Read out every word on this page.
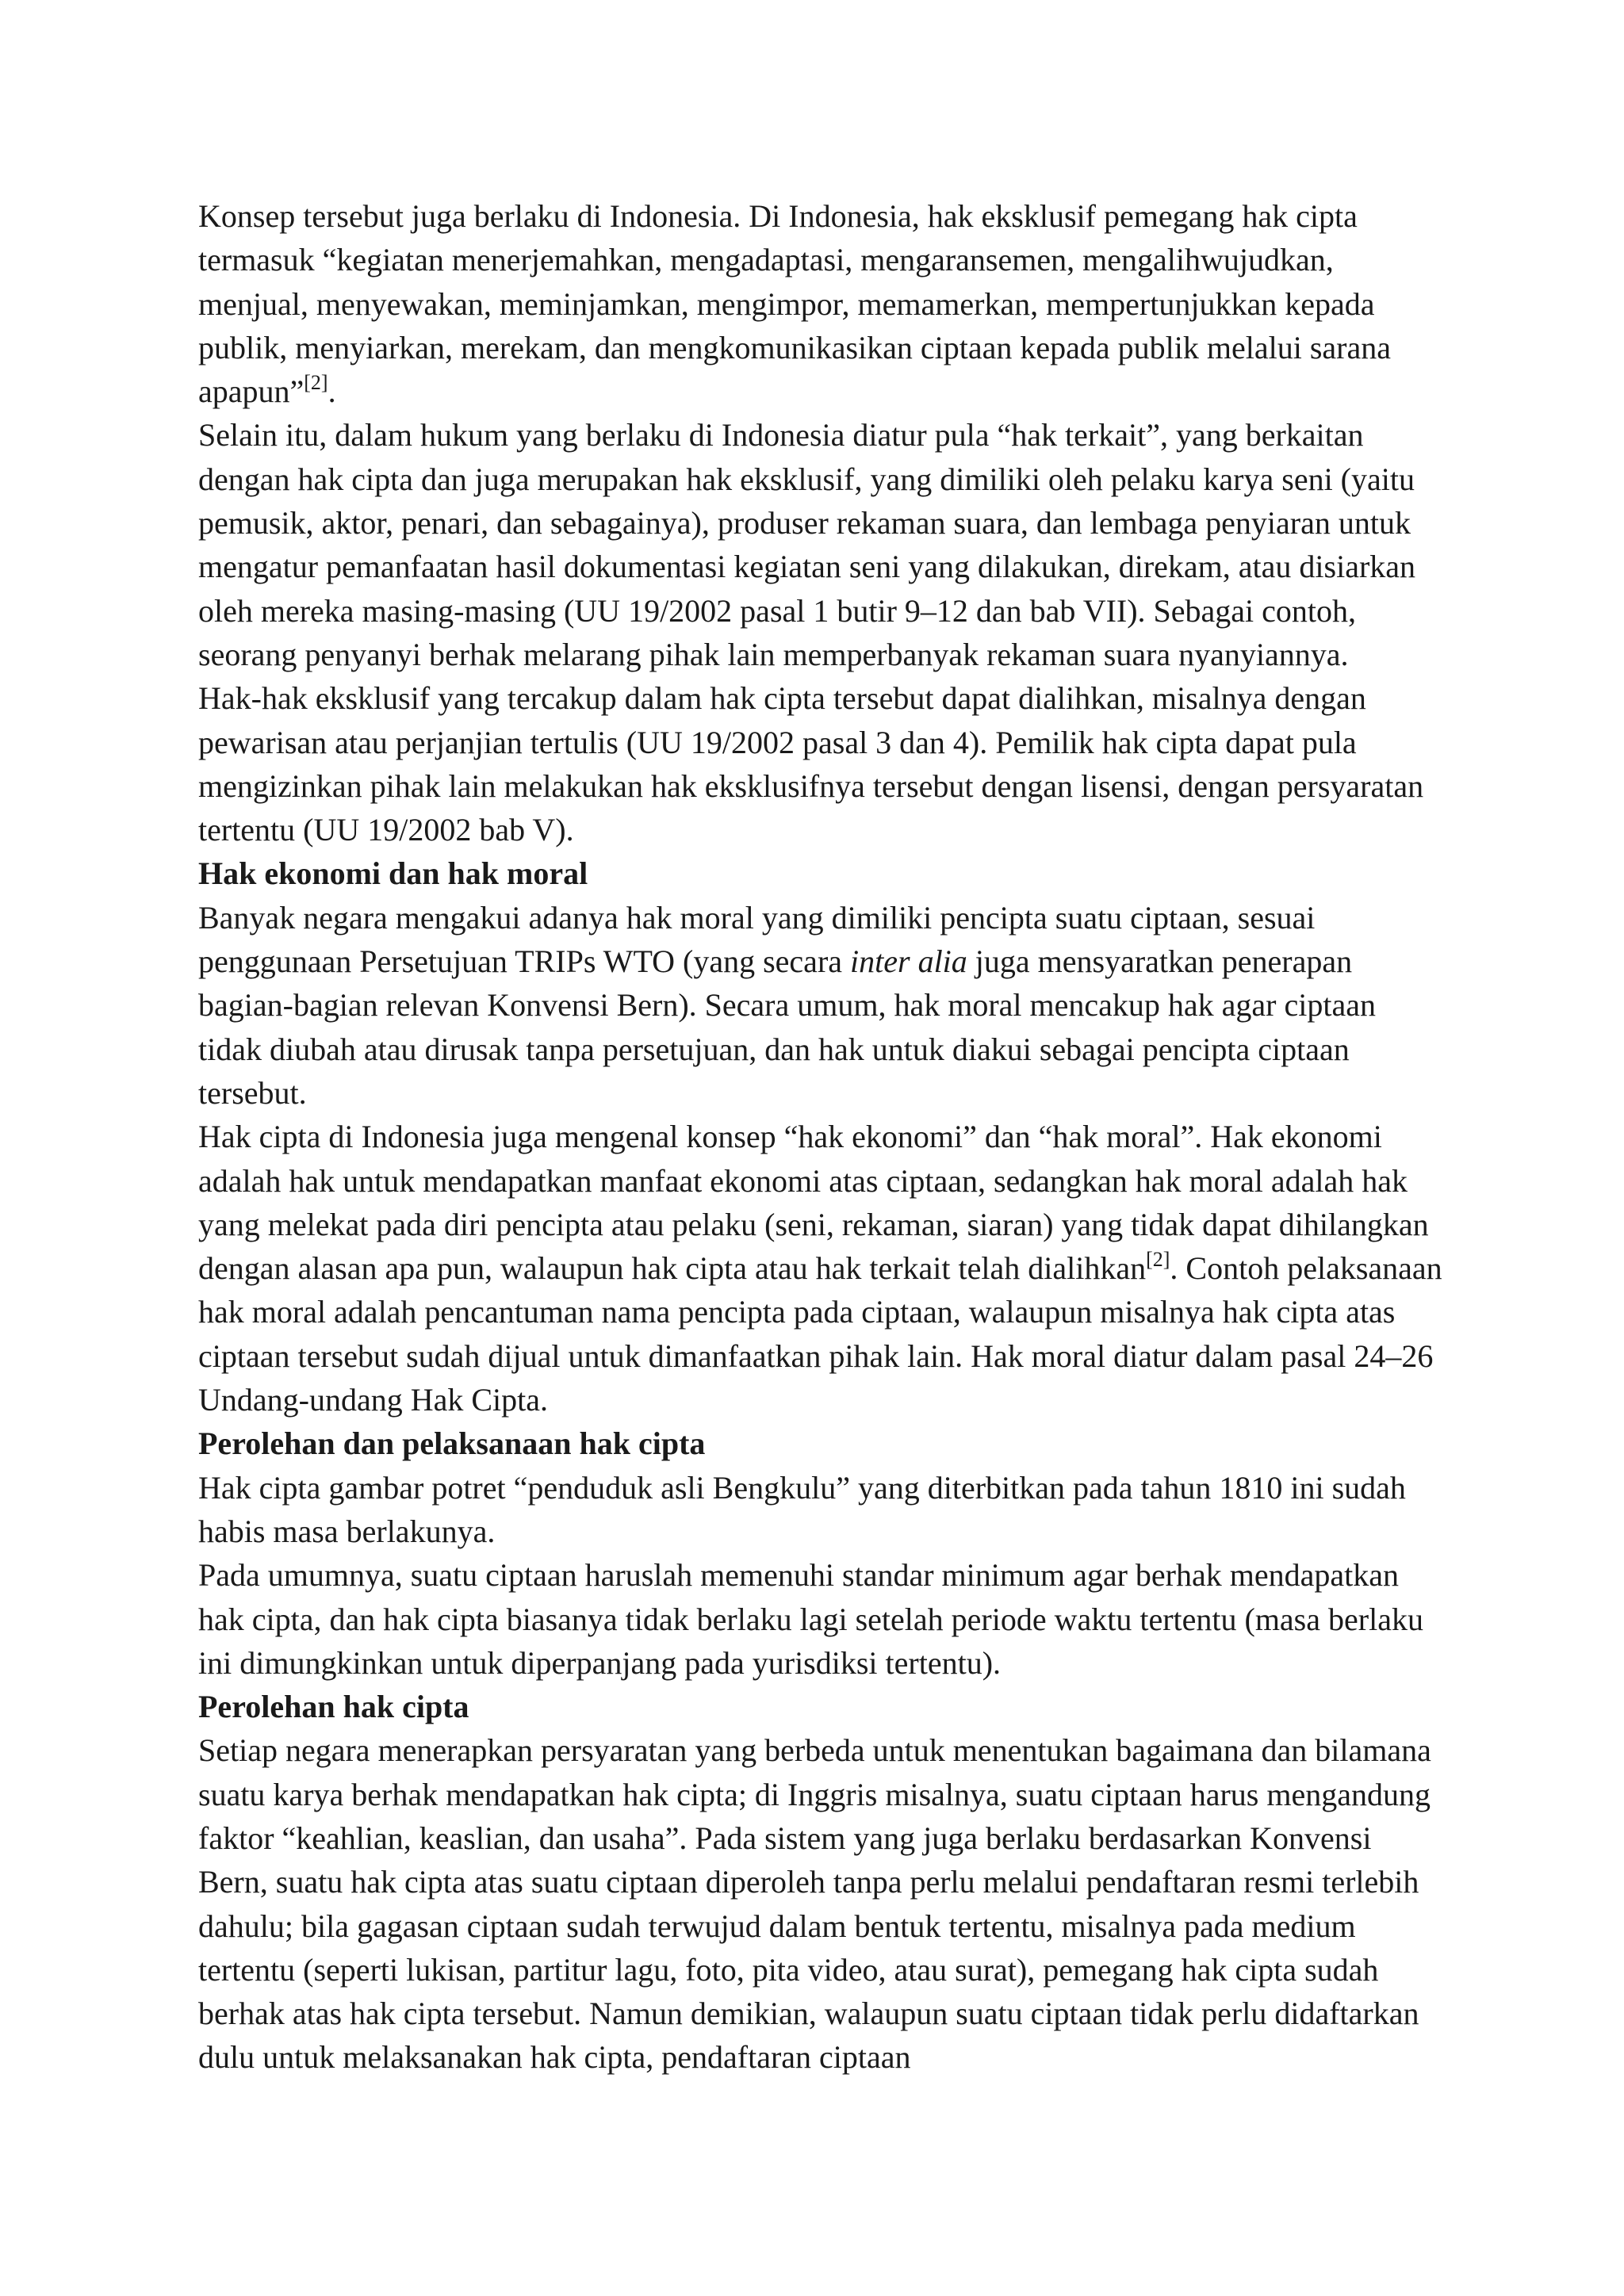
Konsep tersebut juga berlaku di Indonesia. Di Indonesia, hak eksklusif pemegang hak cipta termasuk “kegiatan menerjemahkan, mengadaptasi, mengaransemen, mengalihwujudkan, menjual, menyewakan, meminjamkan, mengimpor, memamerkan, mempertunjukkan kepada publik, menyiarkan, merekam, dan mengkomunikasikan ciptaan kepada publik melalui sarana apapun”[2].

Selain itu, dalam hukum yang berlaku di Indonesia diatur pula “hak terkait”, yang berkaitan dengan hak cipta dan juga merupakan hak eksklusif, yang dimiliki oleh pelaku karya seni (yaitu pemusik, aktor, penari, dan sebagainya), produser rekaman suara, dan lembaga penyiaran untuk mengatur pemanfaatan hasil dokumentasi kegiatan seni yang dilakukan, direkam, atau disiarkan oleh mereka masing-masing (UU 19/2002 pasal 1 butir 9–12 dan bab VII). Sebagai contoh, seorang penyanyi berhak melarang pihak lain memperbanyak rekaman suara nyanyiannya.

Hak-hak eksklusif yang tercakup dalam hak cipta tersebut dapat dialihkan, misalnya dengan pewarisan atau perjanjian tertulis (UU 19/2002 pasal 3 dan 4). Pemilik hak cipta dapat pula mengizinkan pihak lain melakukan hak eksklusifnya tersebut dengan lisensi, dengan persyaratan tertentu (UU 19/2002 bab V).

Hak ekonomi dan hak moral

Banyak negara mengakui adanya hak moral yang dimiliki pencipta suatu ciptaan, sesuai penggunaan Persetujuan TRIPs WTO (yang secara inter alia juga mensyaratkan penerapan bagian-bagian relevan Konvensi Bern). Secara umum, hak moral mencakup hak agar ciptaan tidak diubah atau dirusak tanpa persetujuan, dan hak untuk diakui sebagai pencipta ciptaan tersebut.

Hak cipta di Indonesia juga mengenal konsep “hak ekonomi” dan “hak moral”. Hak ekonomi adalah hak untuk mendapatkan manfaat ekonomi atas ciptaan, sedangkan hak moral adalah hak yang melekat pada diri pencipta atau pelaku (seni, rekaman, siaran) yang tidak dapat dihilangkan dengan alasan apa pun, walaupun hak cipta atau hak terkait telah dialihkan[2]. Contoh pelaksanaan hak moral adalah pencantuman nama pencipta pada ciptaan, walaupun misalnya hak cipta atas ciptaan tersebut sudah dijual untuk dimanfaatkan pihak lain. Hak moral diatur dalam pasal 24–26 Undang-undang Hak Cipta.

Perolehan dan pelaksanaan hak cipta

Hak cipta gambar potret “penduduk asli Bengkulu” yang diterbitkan pada tahun 1810 ini sudah habis masa berlakunya.

Pada umumnya, suatu ciptaan haruslah memenuhi standar minimum agar berhak mendapatkan hak cipta, dan hak cipta biasanya tidak berlaku lagi setelah periode waktu tertentu (masa berlaku ini dimungkinkan untuk diperpanjang pada yurisdiksi tertentu).

Perolehan hak cipta

Setiap negara menerapkan persyaratan yang berbeda untuk menentukan bagaimana dan bilamana suatu karya berhak mendapatkan hak cipta; di Inggris misalnya, suatu ciptaan harus mengandung faktor “keahlian, keaslian, dan usaha”. Pada sistem yang juga berlaku berdasarkan Konvensi Bern, suatu hak cipta atas suatu ciptaan diperoleh tanpa perlu melalui pendaftaran resmi terlebih dahulu; bila gagasan ciptaan sudah terwujud dalam bentuk tertentu, misalnya pada medium tertentu (seperti lukisan, partitur lagu, foto, pita video, atau surat), pemegang hak cipta sudah berhak atas hak cipta tersebut. Namun demikian, walaupun suatu ciptaan tidak perlu didaftarkan dulu untuk melaksanakan hak cipta, pendaftaran ciptaan
